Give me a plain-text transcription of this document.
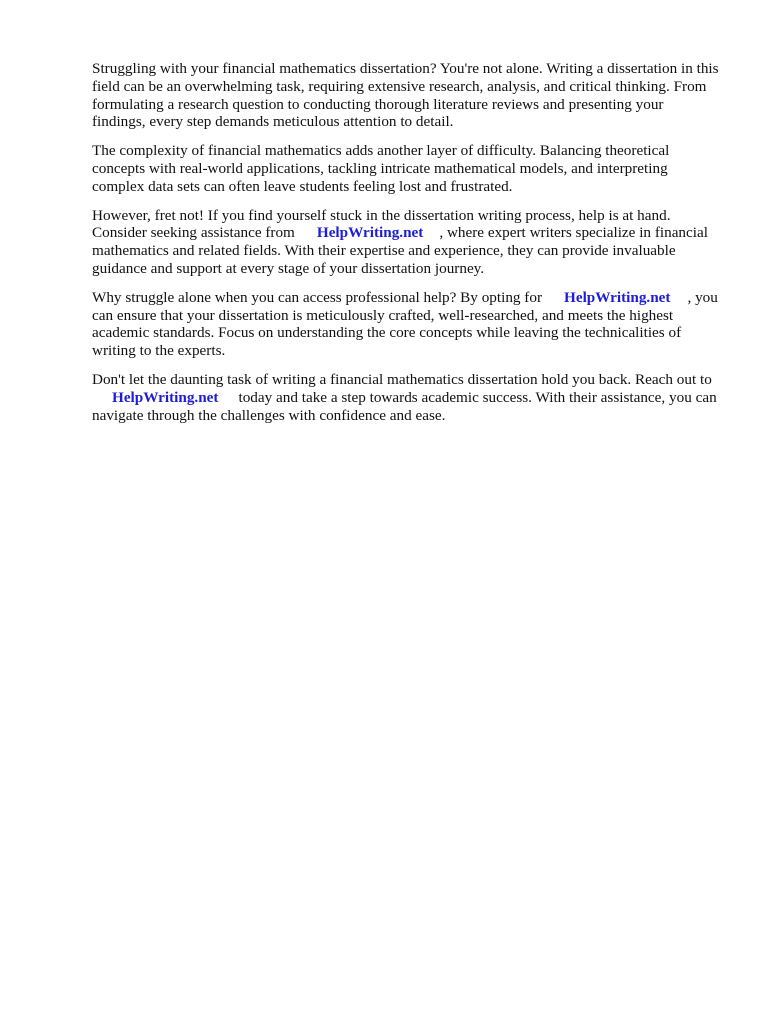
Struggling with your financial mathematics dissertation? You're not alone. Writing a dissertation in this field can be an overwhelming task, requiring extensive research, analysis, and critical thinking. From formulating a research question to conducting thorough literature reviews and presenting your findings, every step demands meticulous attention to detail.

The complexity of financial mathematics adds another layer of difficulty. Balancing theoretical concepts with real-world applications, tackling intricate mathematical models, and interpreting complex data sets can often leave students feeling lost and frustrated.

However, fret not! If you find yourself stuck in the dissertation writing process, help is at hand. Consider seeking assistance from HelpWriting.net , where expert writers specialize in financial mathematics and related fields. With their expertise and experience, they can provide invaluable guidance and support at every stage of your dissertation journey.

Why struggle alone when you can access professional help? By opting for HelpWriting.net , you can ensure that your dissertation is meticulously crafted, well-researched, and meets the highest academic standards. Focus on understanding the core concepts while leaving the technicalities of writing to the experts.

Don't let the daunting task of writing a financial mathematics dissertation hold you back. Reach out toHelpWriting.net today and take a step towards academic success. With their assistance, you can navigate through the challenges with confidence and ease.
